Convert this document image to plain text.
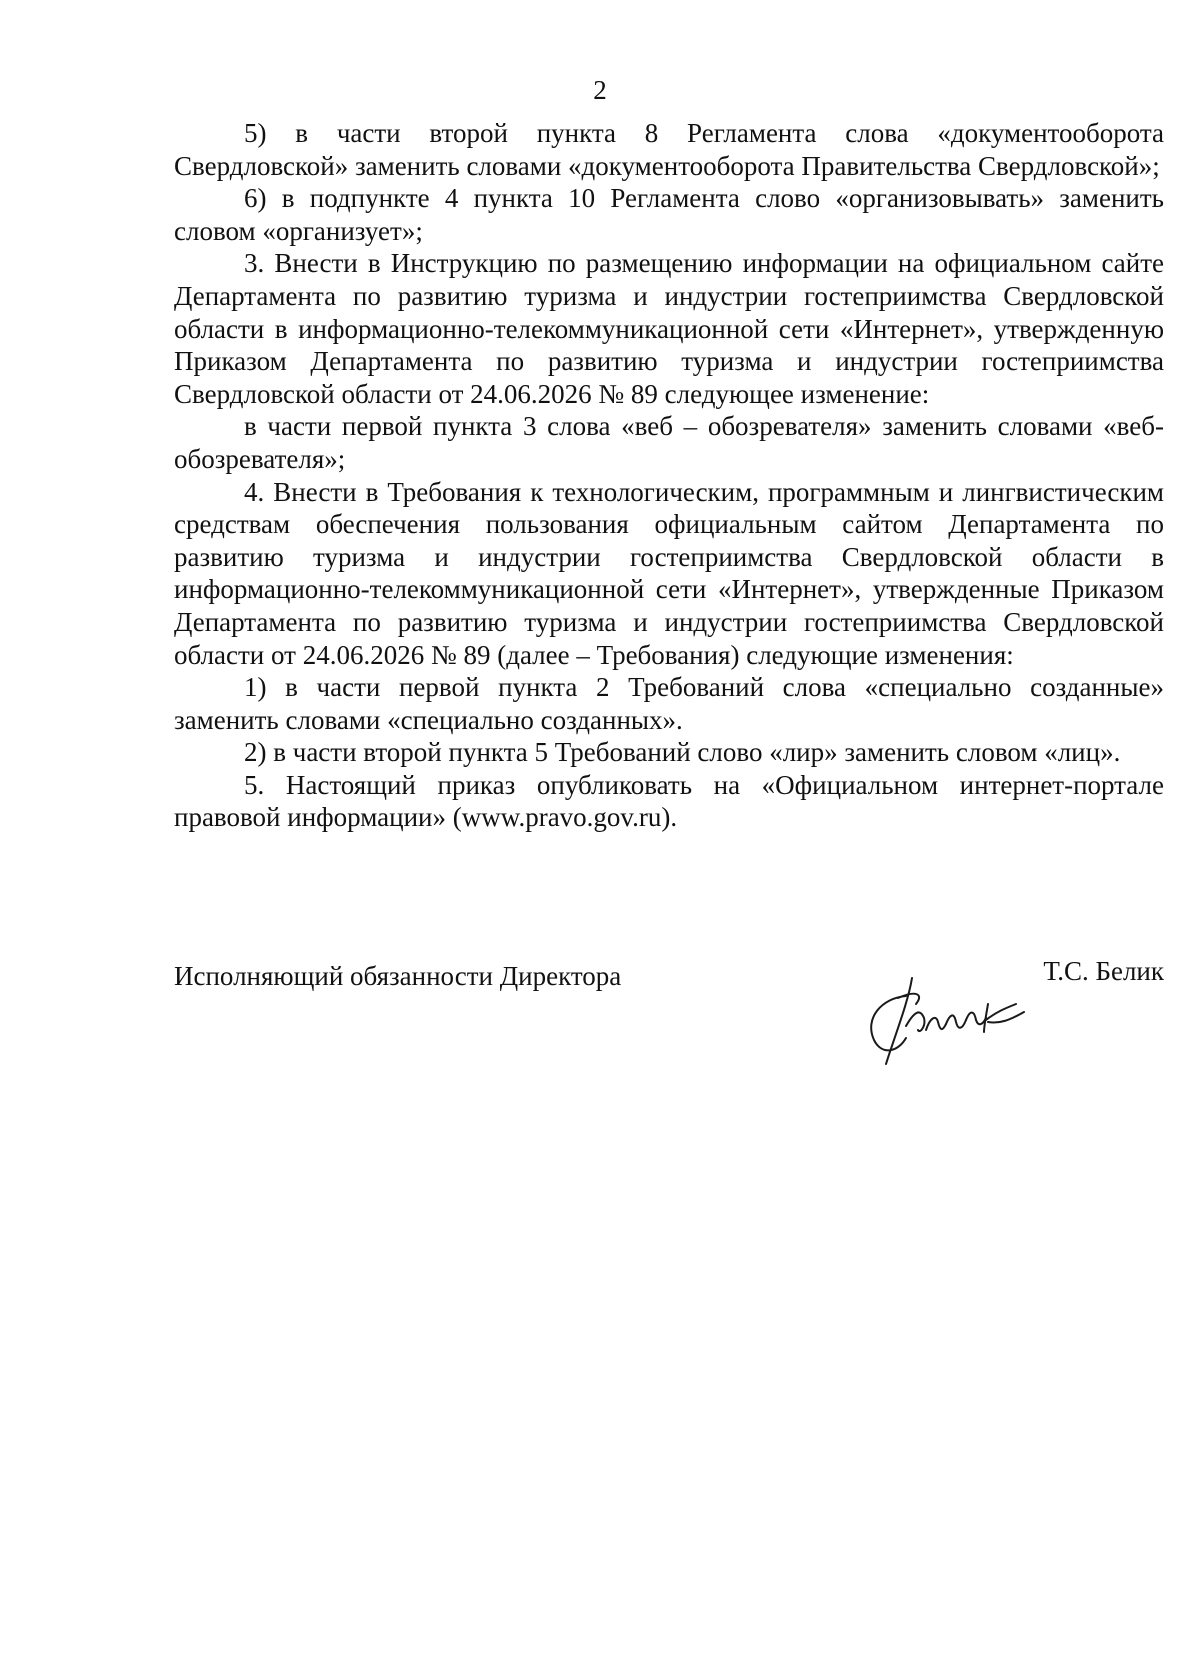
2

5) в части второй пункта 8 Регламента слова «документооборота Свердловской» заменить словами «документооборота Правительства Свердловской»;

6) в подпункте 4 пункта 10 Регламента слово «организовывать» заменить словом «организует»;

3. Внести в Инструкцию по размещению информации на официальном сайте Департамента по развитию туризма и индустрии гостеприимства Свердловской области в информационно-телекоммуникационной сети «Интернет», утвержденную Приказом Департамента по развитию туризма и индустрии гостеприимства Свердловской области от 24.06.2026 № 89 следующее изменение:

в части первой пункта 3 слова «веб – обозревателя» заменить словами «веб-обозревателя»;

4. Внести в Требования к технологическим, программным и лингвистическим средствам обеспечения пользования официальным сайтом Департамента по развитию туризма и индустрии гостеприимства Свердловской области в информационно-телекоммуникационной сети «Интернет», утвержденные Приказом Департамента по развитию туризма и индустрии гостеприимства Свердловской области от 24.06.2026 № 89 (далее – Требования) следующие изменения:

1) в части первой пункта 2 Требований слова «специально созданные» заменить словами «специально созданных».

2) в части второй пункта 5 Требований слово «лир» заменить словом «лиц».

5. Настоящий приказ опубликовать на «Официальном интернет-портале правовой информации» (www.pravo.gov.ru).

Исполняющий обязанности Директора	Т.С. Белик
